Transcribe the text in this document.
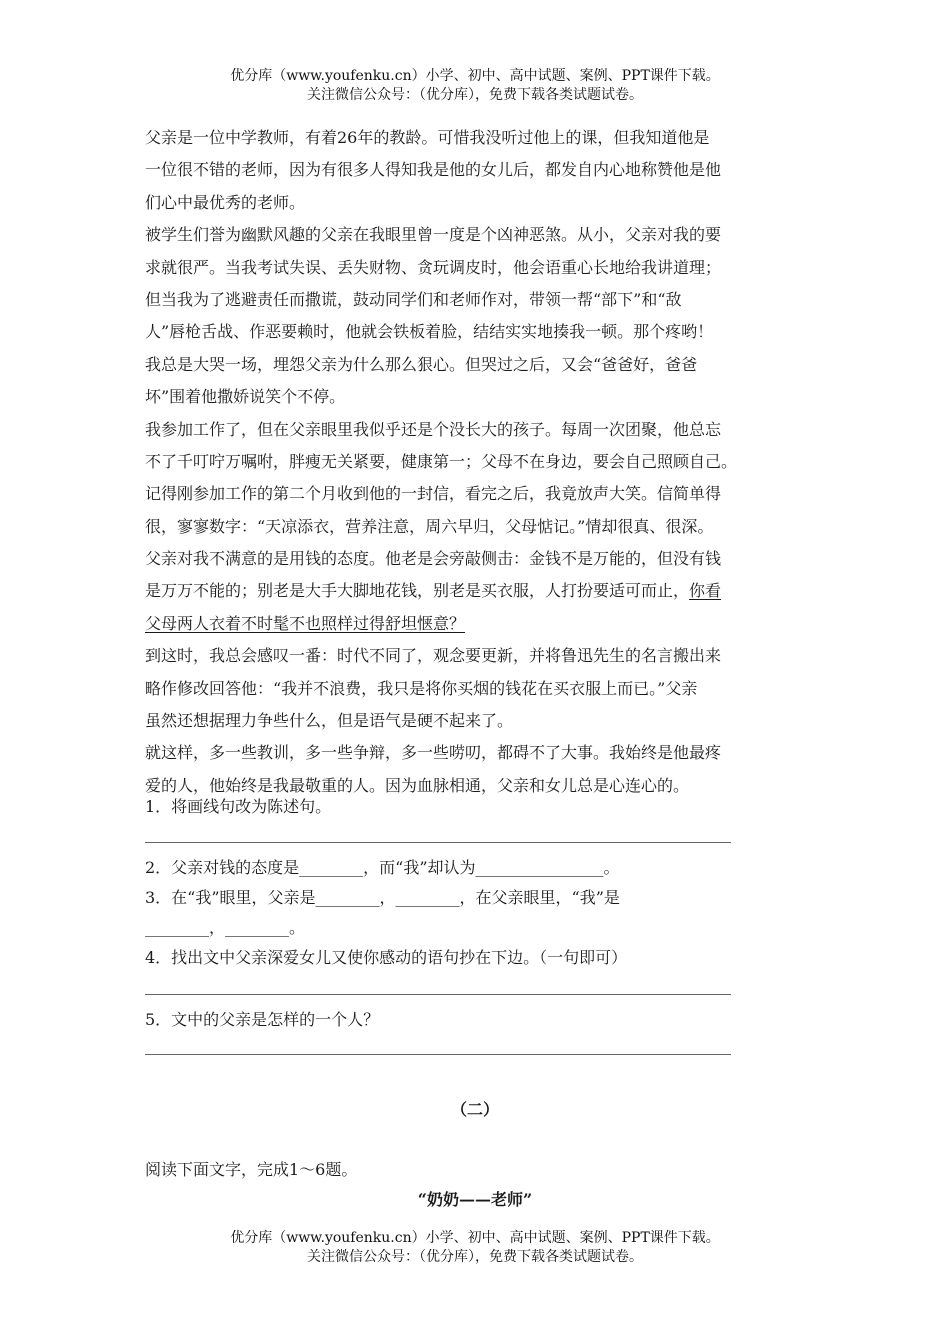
优分库（www.youfenku.cn）小学、初中、高中试题、案例、PPT课件下载。
关注微信公众号：（优分库），免费下载各类试题试卷。
父亲是一位中学教师，有着26年的教龄。可惜我没听过他上的课，但我知道他是
一位很不错的老师，因为有很多人得知我是他的女儿后，都发自内心地称赞他是他
们心中最优秀的老师。
被学生们誉为幽默风趣的父亲在我眼里曾一度是个凶神恶煞。从小，父亲对我的要
求就很严。当我考试失误、丢失财物、贪玩调皮时，他会语重心长地给我讲道理；
但当我为了逃避责任而撒谎，鼓动同学们和老师作对，带领一帮“部下”和“敌
人”唇枪舌战、作恶要赖时，他就会铁板着脸，结结实实地揍我一顿。那个疼哟！
我总是大哭一场，埋怨父亲为什么那么狠心。但哭过之后，又会“爸爸好，爸爸
坏”围着他撒娇说笑个不停。
我参加工作了，但在父亲眼里我似乎还是个没长大的孩子。每周一次团聚，他总忘
不了千叮咛万嘱咐，胖瘦无关紧要，健康第一；父母不在身边，要会自己照顾自己。
记得刚参加工作的第二个月收到他的一封信，看完之后，我竟放声大笑。信简单得
很，寥寥数字：“天凉添衣，营养注意，周六早归，父母惦记。”情却很真、很深。
父亲对我不满意的是用钱的态度。他老是会旁敲侧击：金钱不是万能的，但没有钱
是万万不能的；别老是大手大脚地花钱，别老是买衣服，人打扮要适可而止，你看
父母两人衣着不时髦不也照样过得舒坦惬意？
到这时，我总会感叹一番：时代不同了，观念要更新，并将鲁迅先生的名言搬出来
略作修改回答他：“我并不浪费，我只是将你买烟的钱花在买衣服上而已。”父亲
虽然还想据理力争些什么，但是语气是硬不起来了。
就这样，多一些教训，多一些争辩，多一些唠叨，都碍不了大事。我始终是他最疼
爱的人，他始终是我最敬重的人。因为血脉相通，父亲和女儿总是心连心的。
1．将画线句改为陈述句。
2．父亲对钱的态度是________，而“我”却认为________________。
3．在“我”眼里，父亲是________，________，在父亲眼里，“我”是
________，________。
4．找出文中父亲深爱女儿又使你感动的语句抄在下边。（一句即可）
5．文中的父亲是怎样的一个人？
（二）
阅读下面文字，完成1～6题。
“奶奶——老师”
优分库（www.youfenku.cn）小学、初中、高中试题、案例、PPT课件下载。
关注微信公众号：（优分库），免费下载各类试题试卷。
